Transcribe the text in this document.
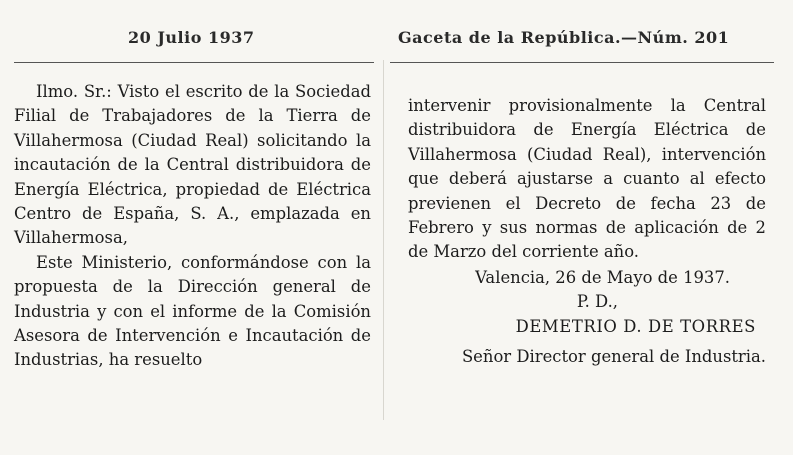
20 Julio 1937	Gaceta de la República.—Núm. 201

Ilmo. Sr.: Visto el escrito de la Sociedad Filial de Trabajadores de la Tierra de Villahermosa (Ciudad Real) solicitando la incautación de la Central distribuidora de Energía Eléctrica, propiedad de Eléctrica Centro de España, S. A., emplazada en Villahermosa,

Este Ministerio, conformándose con la propuesta de la Dirección general de Industria y con el informe de la Comisión Asesora de Intervención e Incautación de Industrias, ha resuelto

intervenir provisionalmente la Central distribuidora de Energía Eléctrica de Villahermosa (Ciudad Real), intervención que deberá ajustarse a cuanto al efecto previenen el Decreto de fecha 23 de Febrero y sus normas de aplicación de 2 de Marzo del corriente año.

Valencia, 26 de Mayo de 1937.

P. D.,

DEMETRIO D. DE TORRES

Señor Director general de Industria.
